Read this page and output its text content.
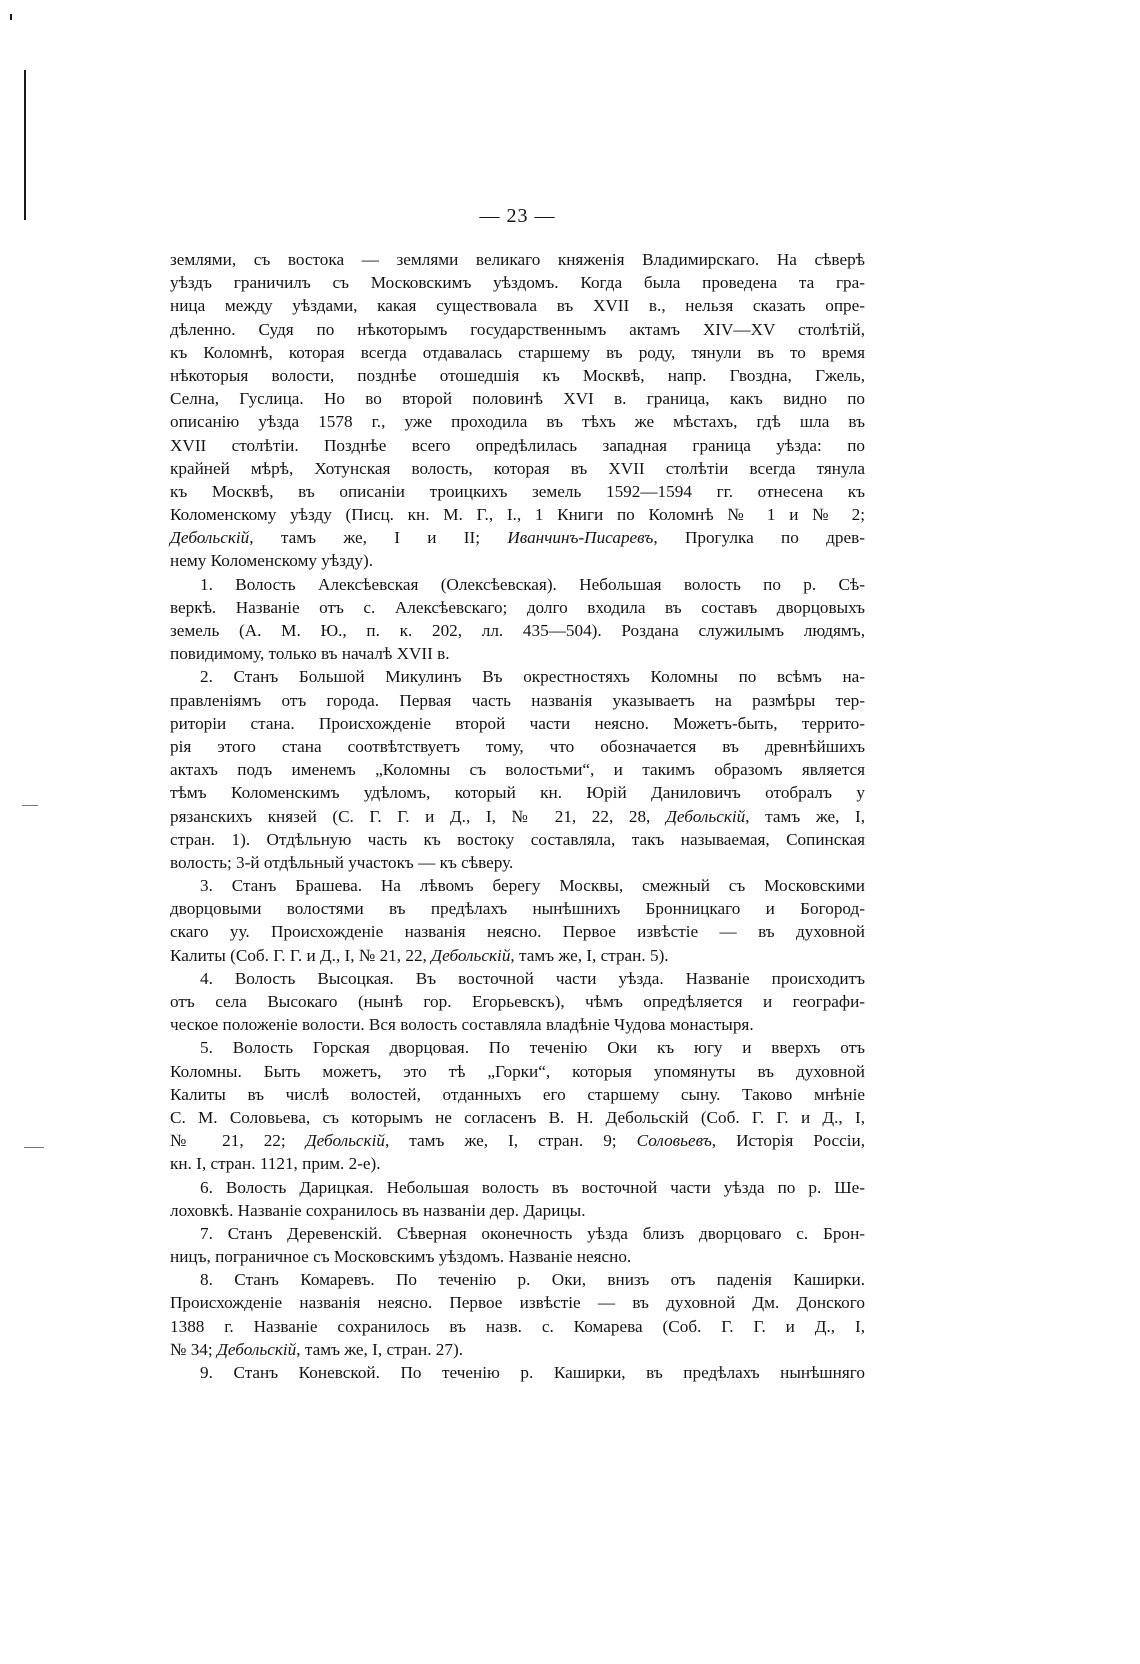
— 23 —
землями, съ востока — землями великаго княженія Владимирскаго. На сѣверѣ
уѣздъ граничилъ съ Московскимъ уѣздомъ. Когда была проведена та гра-
ница между уѣздами, какая существовала въ XVII в., нельзя сказать опре-
дѣленно. Судя по нѣкоторымъ государственнымъ актамъ XIV—XV столѣтій,
къ Коломнѣ, которая всегда отдавалась старшему въ роду, тянули въ то время
нѣкоторыя волости, позднѣе отошедшія къ Москвѣ, напр. Гвоздна, Гжель,
Селна, Гуслица. Но во второй половинѣ XVI в. граница, какъ видно по
описанію уѣзда 1578 г., уже проходила въ тѣхъ же мѣстахъ, гдѣ шла въ
XVII столѣтіи. Позднѣе всего опредѣлилась западная граница уѣзда: по
крайней мѣрѣ, Хотунская волость, которая въ XVII столѣтіи всегда тянула
къ Москвѣ, въ описаніи троицкихъ земель 1592—1594 гг. отнесена къ
Коломенскому уѣзду (Писц. кн. М. Г., I., 1 Книги по Коломнѣ № 1 и № 2;
Дебольскій, тамъ же, I и II; Иванчинъ-Писаревъ, Прогулка по древ-
нему Коломенскому уѣзду).
1. Волость Алексѣевская (Олексѣевская). Небольшая волость по р. Сѣ-
веркѣ. Названіе отъ с. Алексѣевскаго; долго входила въ составъ дворцовыхъ
земель (А. М. Ю., п. к. 202, лл. 435—504). Роздана служилымъ людямъ,
повидимому, только въ началѣ XVII в.
2. Станъ Большой Микулинъ Въ окрестностяхъ Коломны по всѣмъ на-
правленіямъ отъ города. Первая часть названія указываетъ на размѣры тер-
риторіи стана. Происхожденіе второй части неясно. Можетъ-быть, террито-
рія этого стана соотвѣтствуетъ тому, что обозначается въ древнѣйшихъ
актахъ подъ именемъ „Коломны съ волостьми“, и такимъ образомъ является
тѣмъ Коломенскимъ удѣломъ, который кн. Юрій Даниловичъ отобралъ у
рязанскихъ князей (С. Г. Г. и Д., I, № 21, 22, 28, Дебольскій, тамъ же, I,
стран. 1). Отдѣльную часть къ востоку составляла, такъ называемая, Сопинская
волость; 3-й отдѣльный участокъ — къ сѣверу.
3. Станъ Брашева. На лѣвомъ берегу Москвы, смежный съ Московскими
дворцовыми волостями въ предѣлахъ нынѣшнихъ Бронницкаго и Богород-
скаго уу. Происхожденіе названія неясно. Первое извѣстіе — въ духовной
Калиты (Соб. Г. Г. и Д., I, № 21, 22, Дебольскій, тамъ же, I, стран. 5).
4. Волость Высоцкая. Въ восточной части уѣзда. Названіе происходитъ
отъ села Высокаго (нынѣ гор. Егорьевскъ), чѣмъ опредѣляется и географи-
ческое положеніе волости. Вся волость составляла владѣніе Чудова монастыря.
5. Волость Горская дворцовая. По теченію Оки къ югу и вверхъ отъ
Коломны. Быть можетъ, это тѣ „Горки“, которыя упомянуты въ духовной
Калиты въ числѣ волостей, отданныхъ его старшему сыну. Таково мнѣніе
С. М. Соловьева, съ которымъ не согласенъ В. Н. Дебольскій (Соб. Г. Г. и Д., I,
№ 21, 22; Дебольскій, тамъ же, I, стран. 9; Соловьевъ, Исторія Россіи,
кн. I, стран. 1121, прим. 2-е).
6. Волость Дарицкая. Небольшая волость въ восточной части уѣзда по р. Ше-
лоховкѣ. Названіе сохранилось въ названіи дер. Дарицы.
7. Станъ Деревенскій. Сѣверная оконечность уѣзда близъ дворцоваго с. Брон-
ницъ, пограничное съ Московскимъ уѣздомъ. Названіе неясно.
8. Станъ Комаревъ. По теченію р. Оки, внизъ отъ паденія Каширки.
Происхожденіе названія неясно. Первое извѣстіе — въ духовной Дм. Донского
1388 г. Названіе сохранилось въ назв. с. Комарева (Соб. Г. Г. и Д., I,
№ 34; Дебольскій, тамъ же, I, стран. 27).
9. Станъ Коневской. По теченію р. Каширки, въ предѣлахъ нынѣшняго
